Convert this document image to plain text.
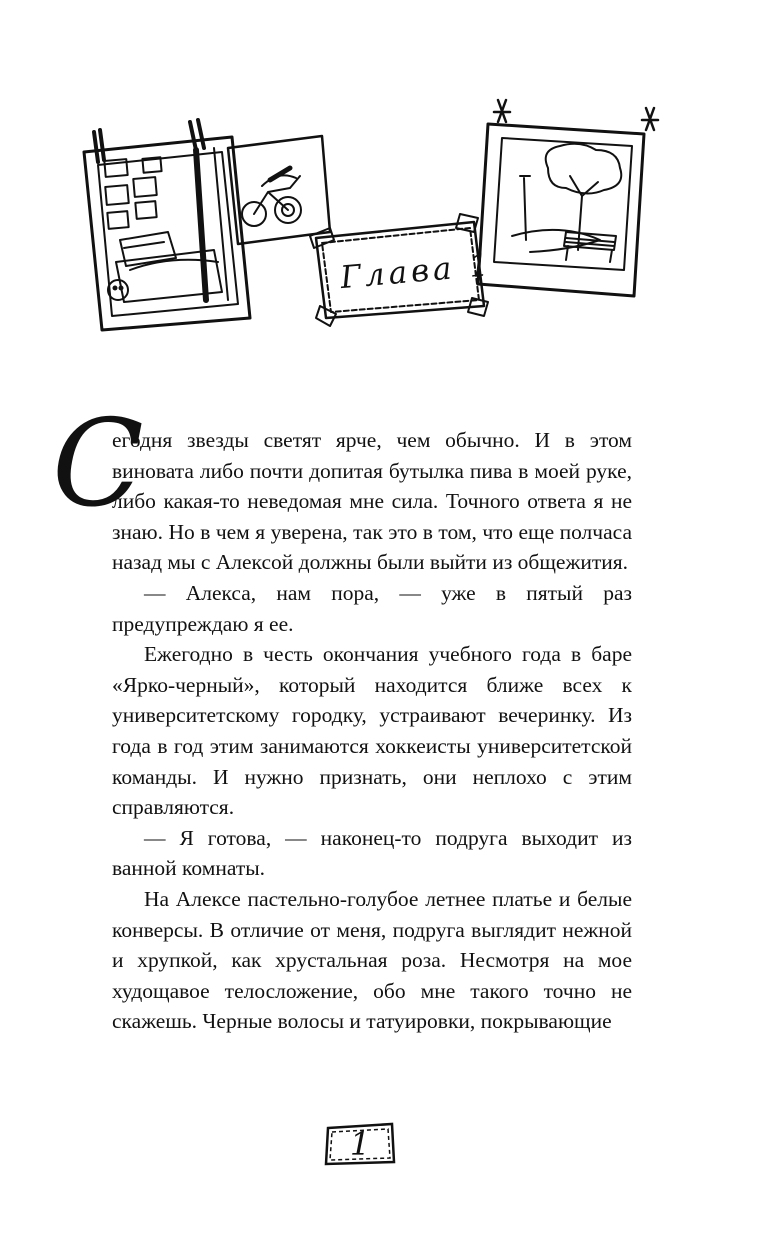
Глава 1
С

егодня звезды светят ярче, чем обычно. И в этом виновата либо почти допитая бутылка пива в моей руке, либо какая-то неведомая мне сила. Точного ответа я не знаю. Но в чем я уверена, так это в том, что еще полчаса назад мы с Алексой должны были выйти из общежития.

— Алекса, нам пора, — уже в пятый раз предупреждаю я ее.

Ежегодно в честь окончания учебного года в баре «Ярко-черный», который находится ближе всех к университетскому городку, устраивают вечеринку. Из года в год этим занимаются хоккеисты университетской команды. И нужно признать, они неплохо с этим справляются.

— Я готова, — наконец-то подруга выходит из ванной комнаты.

На Алексе пастельно-голубое летнее платье и белые конверсы. В отличие от меня, подруга выглядит нежной и хрупкой, как хрустальная роза. Несмотря на мое худощавое телосложение, обо мне такого точно не скажешь. Черные волосы и татуировки, покрывающие

1
